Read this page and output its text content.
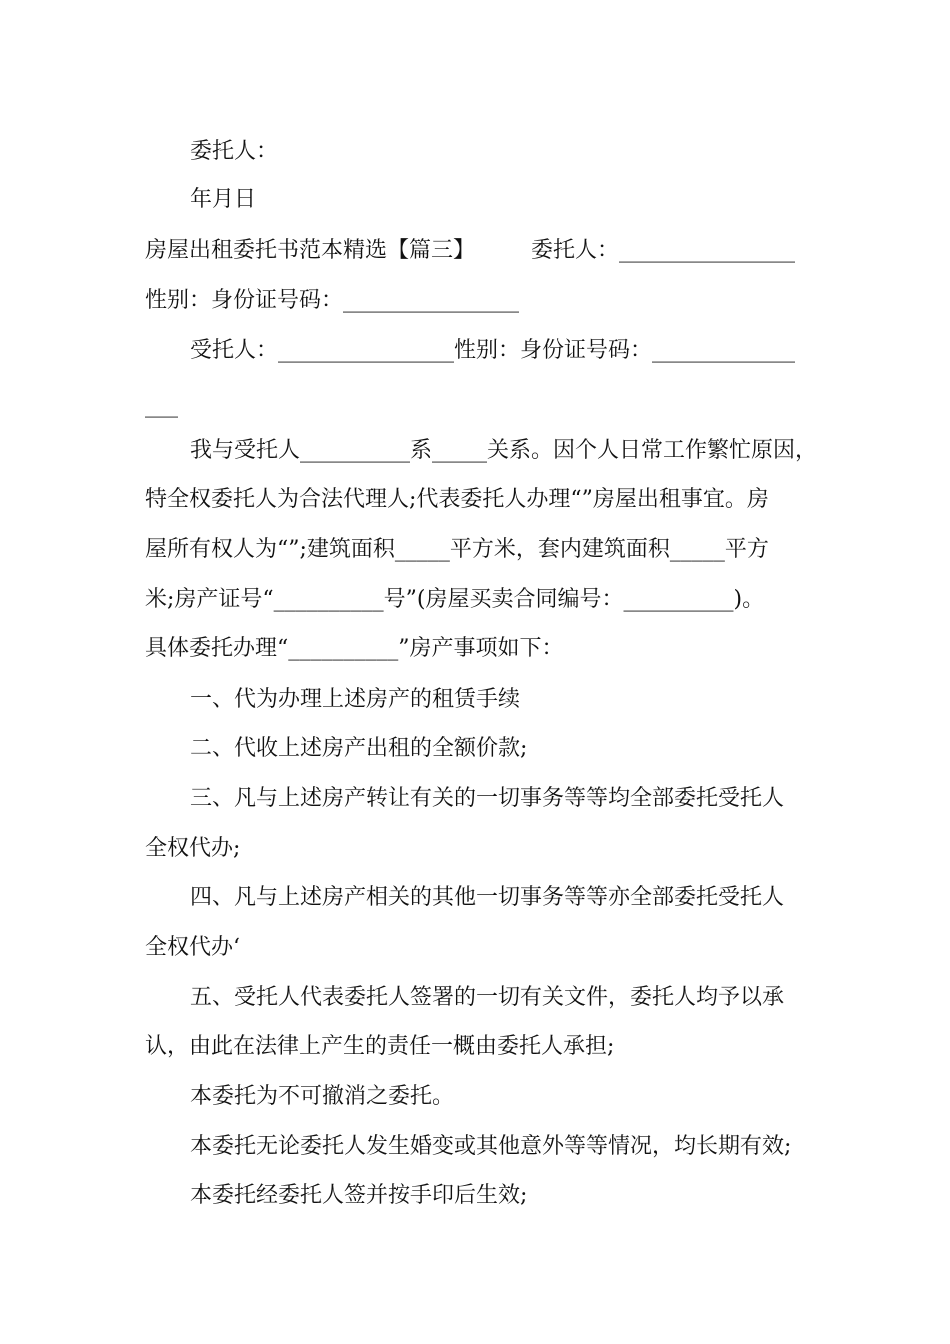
委托人：
年月日
房屋出租委托书范本精选【篇三】        委托人：________________
性别：身份证号码：________________
受托人：________________性别：身份证号码：_____________
___
我与受托人__________系_____关系。因个人日常工作繁忙原因，
特全权委托人为合法代理人;代表委托人办理“”房屋出租事宜。房
屋所有权人为“”;建筑面积_____平方米，套内建筑面积_____平方
米;房产证号“__________号”(房屋买卖合同编号：__________)。
具体委托办理“__________”房产事项如下：
一、代为办理上述房产的租赁手续
二、代收上述房产出租的全额价款;
三、凡与上述房产转让有关的一切事务等等均全部委托受托人
全权代办;
四、凡与上述房产相关的其他一切事务等等亦全部委托受托人
全权代办‘
五、受托人代表委托人签署的一切有关文件，委托人均予以承
认，由此在法律上产生的责任一概由委托人承担;
本委托为不可撤消之委托。
本委托无论委托人发生婚变或其他意外等等情况，均长期有效;
本委托经委托人签并按手印后生效;
